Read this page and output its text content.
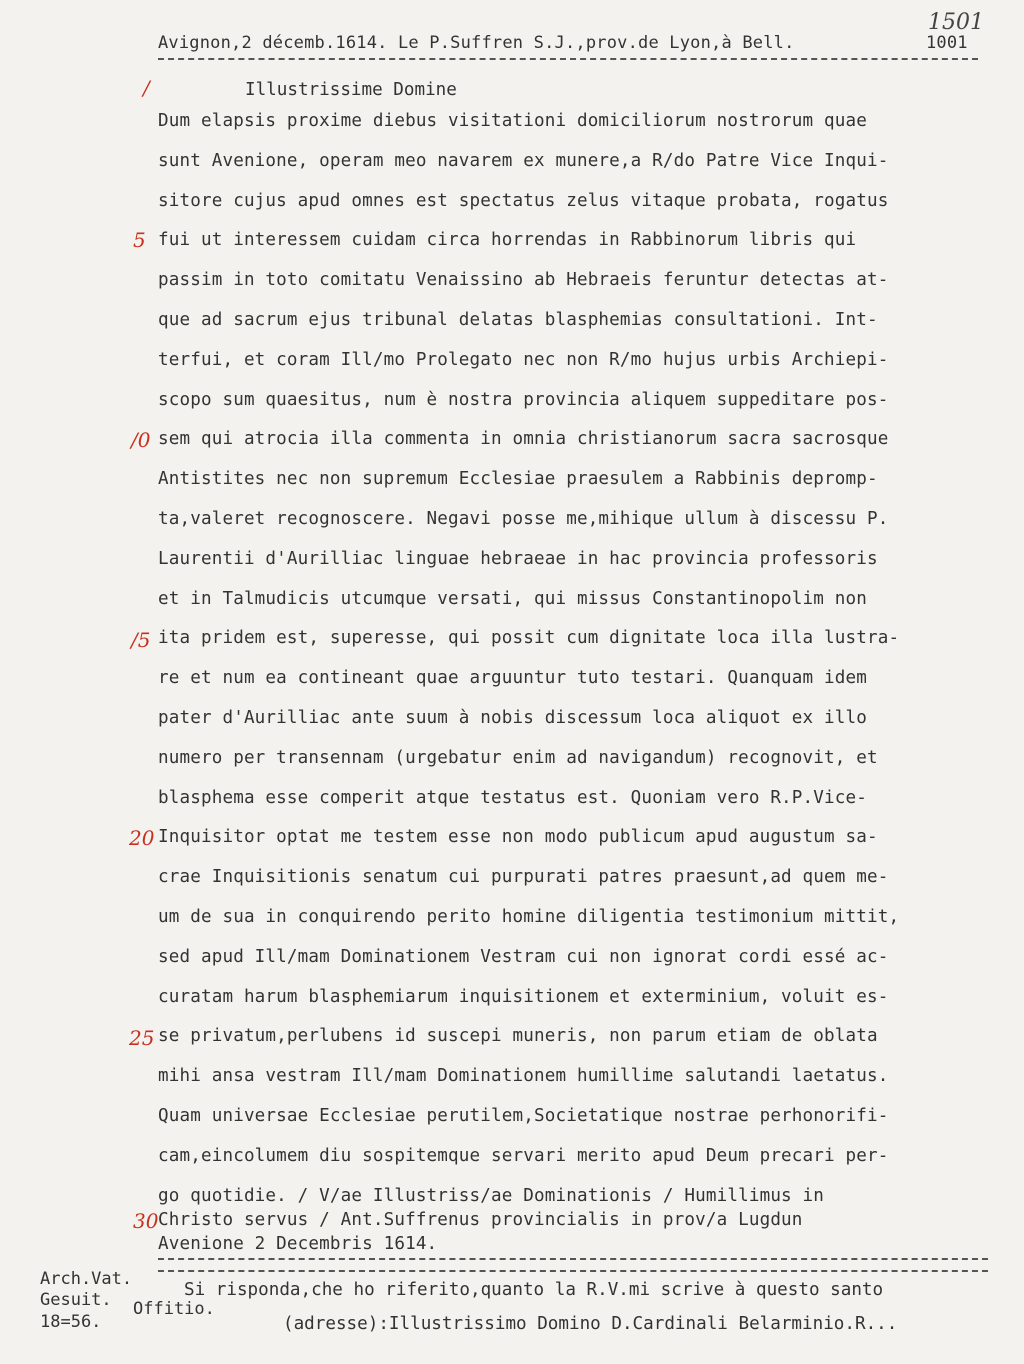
Avignon,2 décemb.1614. Le P.Suffren S.J.,prov.de Lyon,à Bell.	1001
1501
/	Illustrissime Domine
Dum elapsis proxime diebus visitationi domiciliorum nostrorum quae
sunt Avenione, operam meo navarem ex munere,a R/do Patre Vice Inqui-
sitore cujus apud omnes est spectatus zelus vitaque probata, rogatus
fui ut interessem cuidam circa horrendas in Rabbinorum libris qui
passim in toto comitatu Venaissino ab Hebraeis feruntur detectas at-
que ad sacrum ejus tribunal delatas blasphemias consultationi. Int-
terfui, et coram Ill/mo Prolegato nec non R/mo hujus urbis Archiepi-
scopo sum quaesitus, num è nostra provincia aliquem suppeditare pos-
sem qui atrocia illa commenta in omnia christianorum sacra sacrosque
Antistites nec non supremum Ecclesiae praesulem a Rabbinis depromp-
ta,valeret recognoscere. Negavi posse me,mihique ullum à discessu P.
Laurentii d'Aurilliac linguae hebraeae in hac provincia professoris
et in Talmudicis utcumque versati, qui missus Constantinopolim non
ita pridem est, superesse, qui possit cum dignitate loca illa lustra-
re et num ea contineant quae arguuntur tuto testari. Quanquam idem
pater d'Aurilliac ante suum à nobis discessum loca aliquot ex illo
numero per transennam (urgebatur enim ad navigandum) recognovit, et
blasphema esse comperit atque testatus est. Quoniam vero R.P.Vice-
Inquisitor optat me testem esse non modo publicum apud augustum sa-
crae Inquisitionis senatum cui purpurati patres praesunt,ad quem me-
um de sua in conquirendo perito homine diligentia testimonium mittit,
sed apud Ill/mam Dominationem Vestram cui non ignorat cordi essé ac-
curatam harum blasphemiarum inquisitionem et exterminium, voluit es-
se privatum,perlubens id suscepi muneris, non parum etiam de oblata
mihi ansa vestram Ill/mam Dominationem humillime salutandi laetatus.
Quam universae Ecclesiae perutilem,Societatique nostrae perhonorifi-
cam,eincolumem diu sospitemque servari merito apud Deum precari per-
go quotidie. / V/ae Illustriss/ae Dominationis / Humillimus in
Christo servus / Ant.Suffrenus provincialis in prov/a Lugdun
Avenione 2 Decembris 1614.
5
/0
/5
20
25
30
Arch.Vat.
Gesuit.
18=56.
Offitio.
Si risponda,che ho riferito,quanto la R.V.mi scrive à questo santo
(adresse):Illustrissimo Domino D.Cardinali Belarminio.R...
